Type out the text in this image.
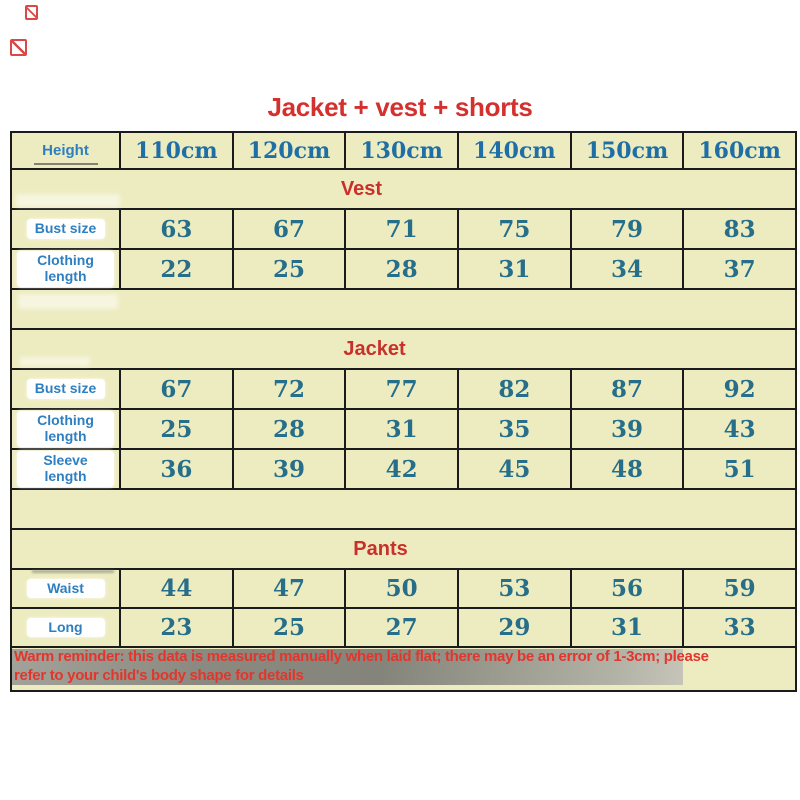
Jacket + vest + shorts
Height	110cm	120cm	130cm	140cm	150cm	160cm
Vest
Bust size	63	67	71	75	79	83
Clothing length	22	25	28	31	34	37
Jacket
Bust size	67	72	77	82	87	92
Clothing length	25	28	31	35	39	43
Sleeve length	36	39	42	45	48	51
Pants
Waist	44	47	50	53	56	59
Long	23	25	27	29	31	33
Warm reminder: this data is measured manually when laid flat; there may be an error of 1-3cm; please
refer to your child's body shape for details
